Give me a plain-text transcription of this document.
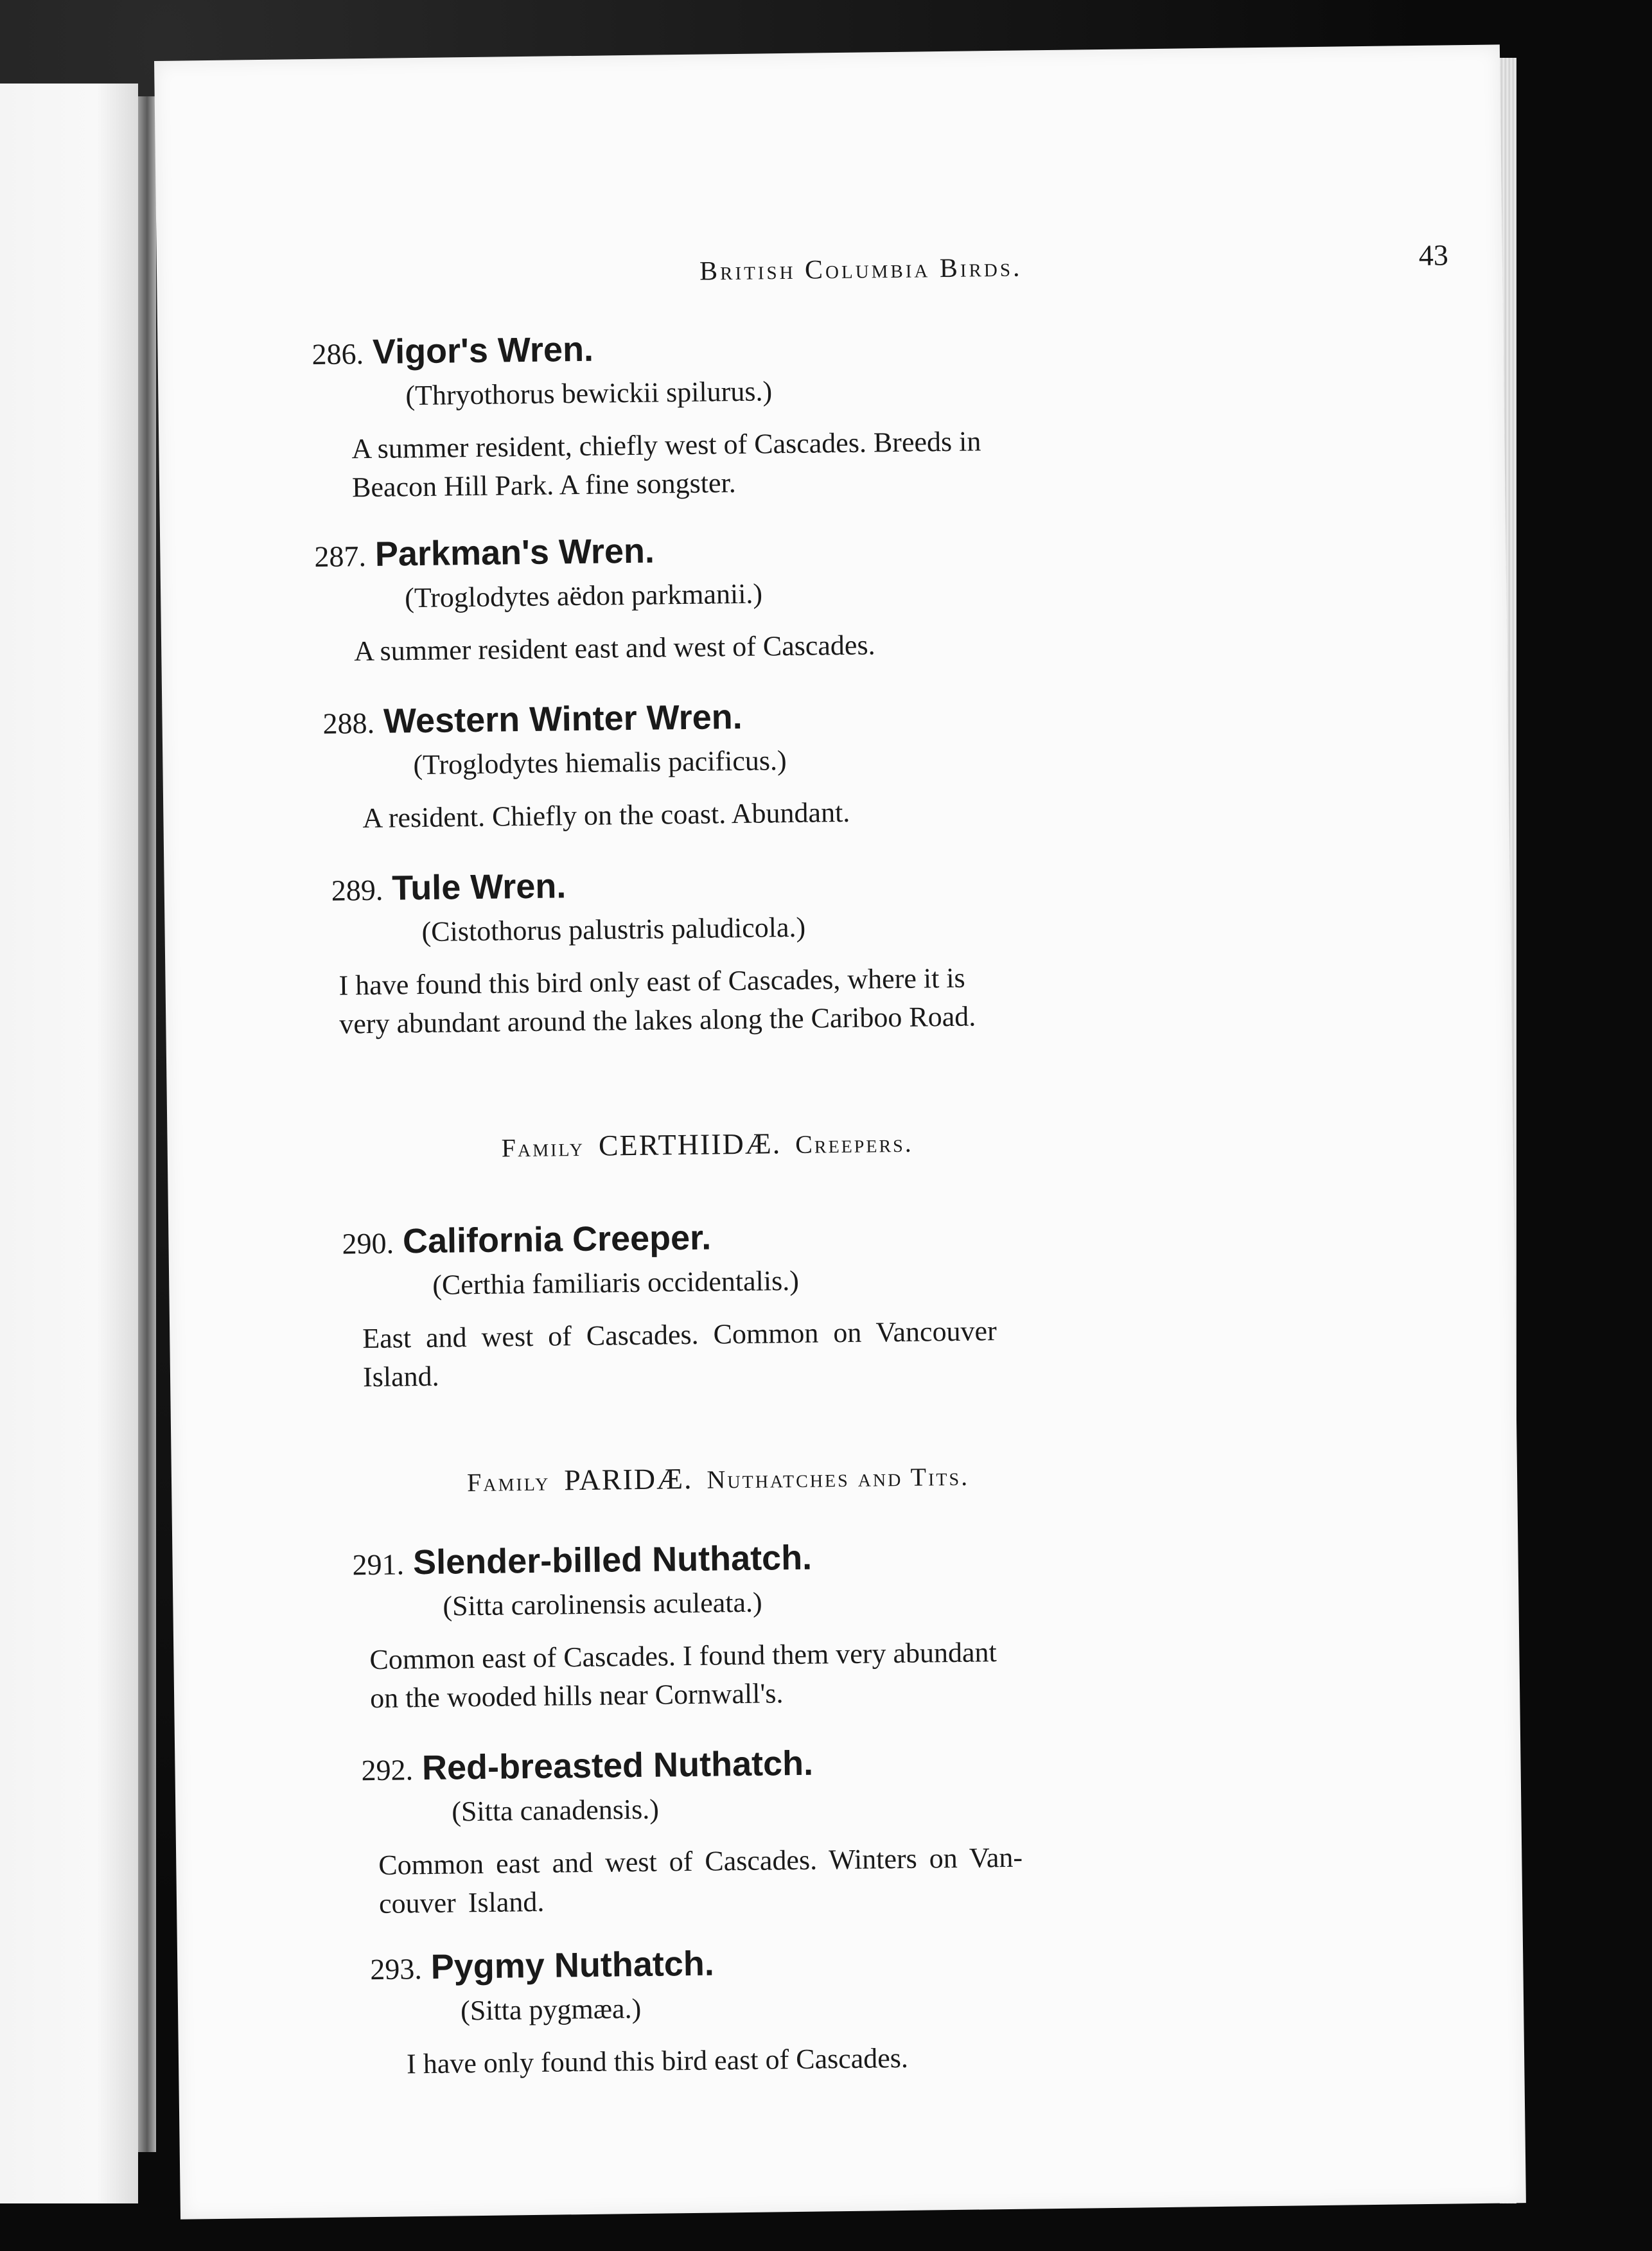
British Columbia Birds.	43
286. Vigor's Wren.
(Thryothorus bewickii spilurus.)
A summer resident, chiefly west of Cascades. Breeds in
Beacon Hill Park. A fine songster.
287. Parkman's Wren.
(Troglodytes aëdon parkmanii.)
A summer resident east and west of Cascades.
288. Western Winter Wren.
(Troglodytes hiemalis pacificus.)
A resident. Chiefly on the coast. Abundant.
289. Tule Wren.
(Cistothorus palustris paludicola.)
I have found this bird only east of Cascades, where it is
very abundant around the lakes along the Cariboo Road.
Family CERTHIIDÆ. Creepers.
290. California Creeper.
(Certhia familiaris occidentalis.)
East and west of Cascades. Common on Vancouver
Island.
Family PARIDÆ. Nuthatches and Tits.
291. Slender-billed Nuthatch.
(Sitta carolinensis aculeata.)
Common east of Cascades. I found them very abundant
on the wooded hills near Cornwall's.
292. Red-breasted Nuthatch.
(Sitta canadensis.)
Common east and west of Cascades. Winters on Van-
couver Island.
293. Pygmy Nuthatch.
(Sitta pygmæa.)
I have only found this bird east of Cascades.
